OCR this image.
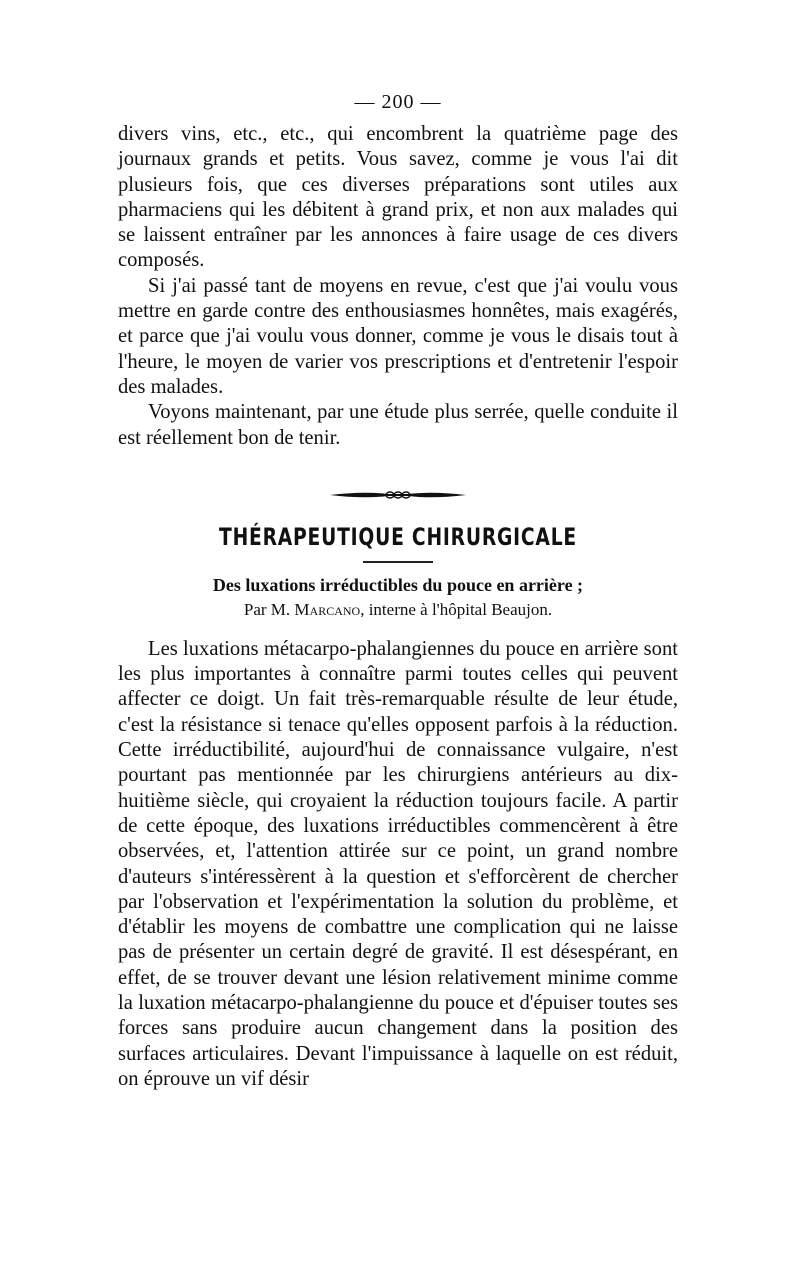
— 200 —

divers vins, etc., etc., qui encombrent la quatrième page des journaux grands et petits. Vous savez, comme je vous l'ai dit plusieurs fois, que ces diverses préparations sont utiles aux pharmaciens qui les débitent à grand prix, et non aux malades qui se laissent entraîner par les annonces à faire usage de ces divers composés.

Si j'ai passé tant de moyens en revue, c'est que j'ai voulu vous mettre en garde contre des enthousiasmes honnêtes, mais exagérés, et parce que j'ai voulu vous donner, comme je vous le disais tout à l'heure, le moyen de varier vos prescriptions et d'entretenir l'espoir des malades.

Voyons maintenant, par une étude plus serrée, quelle conduite il est réellement bon de tenir.

THÉRAPEUTIQUE CHIRURGICALE
Des luxations irréductibles du pouce en arrière ;
Par M. Marcano, interne à l'hôpital Beaujon.

Les luxations métacarpo-phalangiennes du pouce en arrière sont les plus importantes à connaître parmi toutes celles qui peuvent affecter ce doigt. Un fait très-remarquable résulte de leur étude, c'est la résistance si tenace qu'elles opposent parfois à la réduction. Cette irréductibilité, aujourd'hui de connaissance vulgaire, n'est pourtant pas mentionnée par les chirurgiens antérieurs au dix-huitième siècle, qui croyaient la réduction toujours facile. A partir de cette époque, des luxations irréductibles commencèrent à être observées, et, l'attention attirée sur ce point, un grand nombre d'auteurs s'intéressèrent à la question et s'efforcèrent de chercher par l'observation et l'expérimentation la solution du problème, et d'établir les moyens de combattre une complication qui ne laisse pas de présenter un certain degré de gravité. Il est désespérant, en effet, de se trouver devant une lésion relativement minime comme la luxation métacarpo-phalangienne du pouce et d'épuiser toutes ses forces sans produire aucun changement dans la position des surfaces articulaires. Devant l'impuissance à laquelle on est réduit, on éprouve un vif désir
